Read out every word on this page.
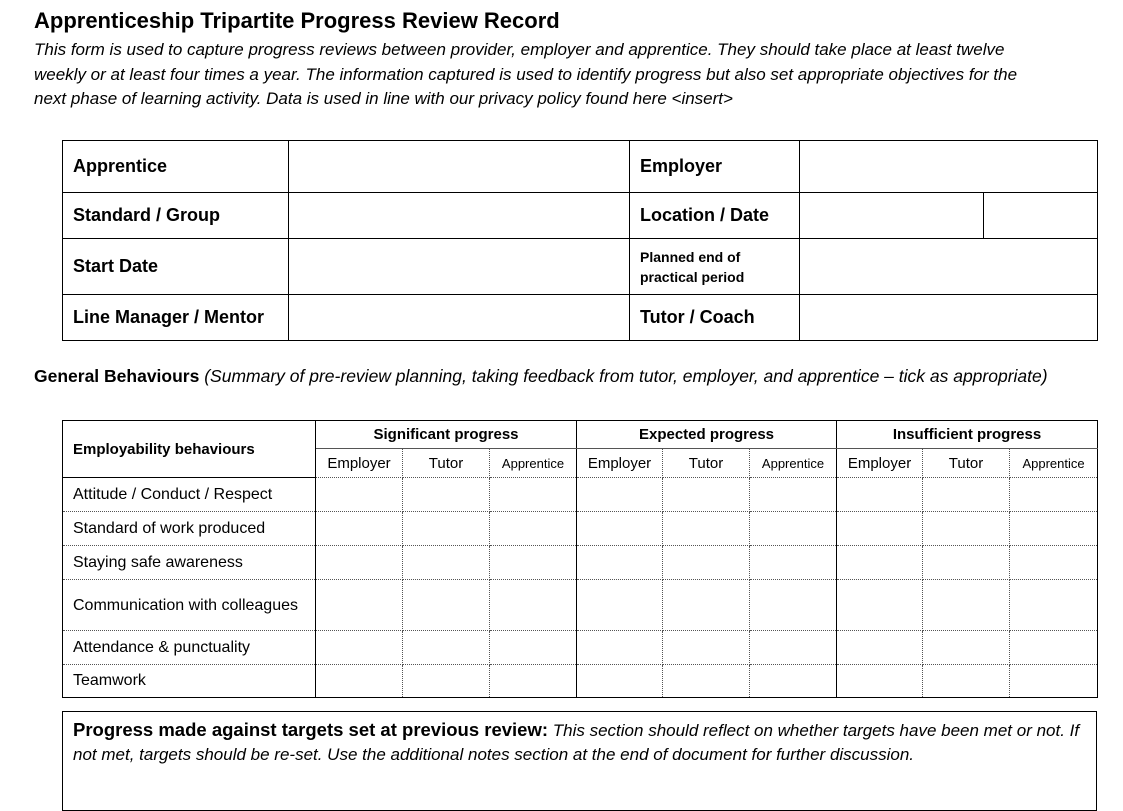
Apprenticeship Tripartite Progress Review Record

This form is used to capture progress reviews between provider, employer and apprentice. They should take place at least twelve weekly or at least four times a year. The information captured is used to identify progress but also set appropriate objectives for the next phase of learning activity. Data is used in line with our privacy policy found here <insert>

Apprentice		Employer		
Standard / Group		Location / Date		
Start Date		Planned end of practical period		
Line Manager / Mentor		Tutor / Coach		

General Behaviours (Summary of pre-review planning, taking feedback from tutor, employer, and apprentice – tick as appropriate)

Employability behaviours	Significant progress			Expected progress			Insufficient progress		
	Employer	Tutor	Apprentice	Employer	Tutor	Apprentice	Employer	Tutor	Apprentice
Attitude / Conduct / Respect									
Standard of work produced									
Staying safe awareness									
Communication with colleagues									
Attendance & punctuality									
Teamwork									
Progress made against targets set at previous review: This section should reflect on whether targets have been met or not. If not met, targets should be re-set. Use the additional notes section at the end of document for further discussion.
